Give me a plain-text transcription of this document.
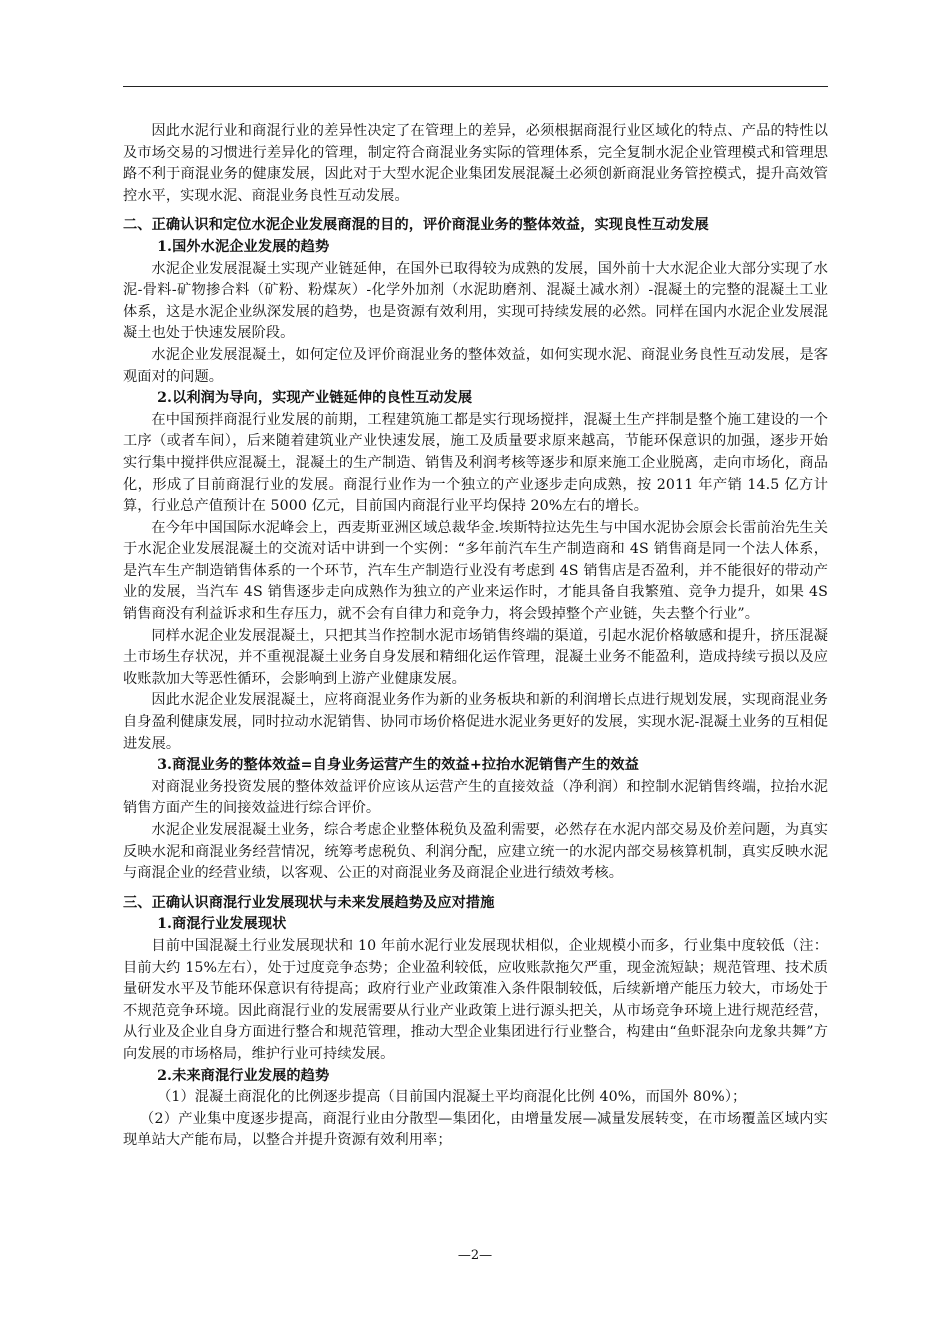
因此水泥行业和商混行业的差异性决定了在管理上的差异，必须根据商混行业区域化的特点、产品的特性以及市场交易的习惯进行差异化的管理，制定符合商混业务实际的管理体系，完全复制水泥企业管理模式和管理思路不利于商混业务的健康发展，因此对于大型水泥企业集团发展混凝土必须创新商混业务管控模式，提升高效管控水平，实现水泥、商混业务良性互动发展。

二、正确认识和定位水泥企业发展商混的目的，评价商混业务的整体效益，实现良性互动发展

1.国外水泥企业发展的趋势

水泥企业发展混凝土实现产业链延伸，在国外已取得较为成熟的发展，国外前十大水泥企业大部分实现了水泥-骨料-矿物掺合料（矿粉、粉煤灰）-化学外加剂（水泥助磨剂、混凝土减水剂）-混凝土的完整的混凝土工业体系，这是水泥企业纵深发展的趋势，也是资源有效利用，实现可持续发展的必然。同样在国内水泥企业发展混凝土也处于快速发展阶段。

水泥企业发展混凝土，如何定位及评价商混业务的整体效益，如何实现水泥、商混业务良性互动发展，是客观面对的问题。

2.以利润为导向，实现产业链延伸的良性互动发展

在中国预拌商混行业发展的前期，工程建筑施工都是实行现场搅拌，混凝土生产拌制是整个施工建设的一个工序（或者车间），后来随着建筑业产业快速发展，施工及质量要求原来越高，节能环保意识的加强，逐步开始实行集中搅拌供应混凝土，混凝土的生产制造、销售及利润考核等逐步和原来施工企业脱离，走向市场化，商品化，形成了目前商混行业的发展。商混行业作为一个独立的产业逐步走向成熟，按 2011 年产销 14.5 亿方计算，行业总产值预计在 5000 亿元，目前国内商混行业平均保持 20%左右的增长。

在今年中国国际水泥峰会上，西麦斯亚洲区域总裁华金.埃斯特拉达先生与中国水泥协会原会长雷前治先生关于水泥企业发展混凝土的交流对话中讲到一个实例：“多年前汽车生产制造商和 4S 销售商是同一个法人体系，是汽车生产制造销售体系的一个环节，汽车生产制造行业没有考虑到 4S 销售店是否盈利，并不能很好的带动产业的发展，当汽车 4S 销售逐步走向成熟作为独立的产业来运作时，才能具备自我繁殖、竞争力提升，如果 4S 销售商没有利益诉求和生存压力，就不会有自律力和竞争力，将会毁掉整个产业链，失去整个行业”。

同样水泥企业发展混凝土，只把其当作控制水泥市场销售终端的渠道，引起水泥价格敏感和提升，挤压混凝土市场生存状况，并不重视混凝土业务自身发展和精细化运作管理，混凝土业务不能盈利，造成持续亏损以及应收账款加大等恶性循环，会影响到上游产业健康发展。

因此水泥企业发展混凝土，应将商混业务作为新的业务板块和新的利润增长点进行规划发展，实现商混业务自身盈利健康发展，同时拉动水泥销售、协同市场价格促进水泥业务更好的发展，实现水泥-混凝土业务的互相促进发展。

3.商混业务的整体效益=自身业务运营产生的效益+拉抬水泥销售产生的效益

对商混业务投资发展的整体效益评价应该从运营产生的直接效益（净利润）和控制水泥销售终端，拉抬水泥销售方面产生的间接效益进行综合评价。

水泥企业发展混凝土业务，综合考虑企业整体税负及盈利需要，必然存在水泥内部交易及价差问题，为真实反映水泥和商混业务经营情况，统筹考虑税负、利润分配，应建立统一的水泥内部交易核算机制，真实反映水泥与商混企业的经营业绩，以客观、公正的对商混业务及商混企业进行绩效考核。

三、正确认识商混行业发展现状与未来发展趋势及应对措施

1.商混行业发展现状

目前中国混凝土行业发展现状和 10 年前水泥行业发展现状相似，企业规模小而多，行业集中度较低（注：目前大约 15%左右），处于过度竞争态势；企业盈利较低，应收账款拖欠严重，现金流短缺；规范管理、技术质量研发水平及节能环保意识有待提高；政府行业产业政策准入条件限制较低，后续新增产能压力较大，市场处于不规范竞争环境。因此商混行业的发展需要从行业产业政策上进行源头把关，从市场竞争环境上进行规范经营，从行业及企业自身方面进行整合和规范管理，推动大型企业集团进行行业整合，构建由“鱼虾混杂向龙象共舞”方向发展的市场格局，维护行业可持续发展。

2.未来商混行业发展的趋势

（1）混凝土商混化的比例逐步提高（目前国内混凝土平均商混化比例 40%，而国外 80%）；

（2）产业集中度逐步提高，商混行业由分散型—集团化，由增量发展—减量发展转变，在市场覆盖区域内实现单站大产能布局，以整合并提升资源有效利用率；

—2—
